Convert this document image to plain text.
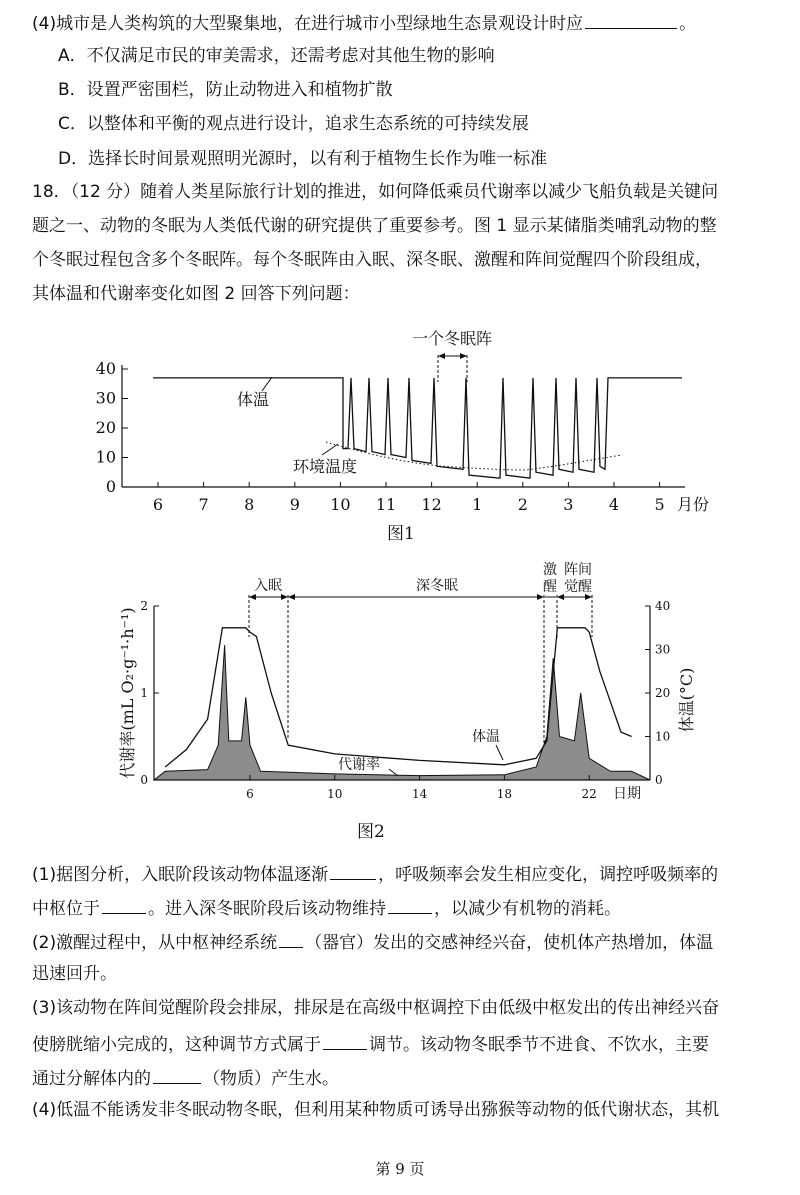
(4)城市是人类构筑的大型聚集地，在进行城市小型绿地生态景观设计时应	。
A．不仅满足市民的审美需求，还需考虑对其他生物的影响
B．设置严密围栏，防止动物进入和植物扩散
C．以整体和平衡的观点进行设计，追求生态系统的可持续发展
D．选择长时间景观照明光源时，以有利于植物生长作为唯一标准
18．（12 分）随着人类星际旅行计划的推进，如何降低乘员代谢率以减少飞船负载是关键问
题之一、动物的冬眠为人类低代谢的研究提供了重要参考。图 1 显示某储脂类哺乳动物的整
个冬眠过程包含多个冬眠阵。每个冬眠阵由入眠、深冬眠、激醒和阵间觉醒四个阶段组成，
其体温和代谢率变化如图 2 回答下列问题：
40
30
20
10
0
6 7 8 9 10 11 12 1 2 3 4 5
一个冬眠阵
体温
环境温度
月份
图1
入眠	深冬眠
激
醒
阵间
觉醒
2
1
0
40
30
20
10
0
6	10	14	18	22
体温
代谢率
代谢率(mL O₂·g⁻¹·h⁻¹)	体温(°C)
日期
图2
(1)据图分析，入眠阶段该动物体温逐渐	，呼吸频率会发生相应变化，调控呼吸频率的
中枢位于	。进入深冬眠阶段后该动物维持	，以减少有机物的消耗。
(2)激醒过程中，从中枢神经系统 （器官）发出的交感神经兴奋，使机体产热增加，体温
迅速回升。
(3)该动物在阵间觉醒阶段会排尿，排尿是在高级中枢调控下由低级中枢发出的传出神经兴奋
使膀胱缩小完成的，这种调节方式属于	调节。该动物冬眠季节不进食、不饮水，主要
通过分解体内的	（物质）产生水。
(4)低温不能诱发非冬眠动物冬眠，但利用某种物质可诱导出猕猴等动物的低代谢状态，其机
第 9 页
